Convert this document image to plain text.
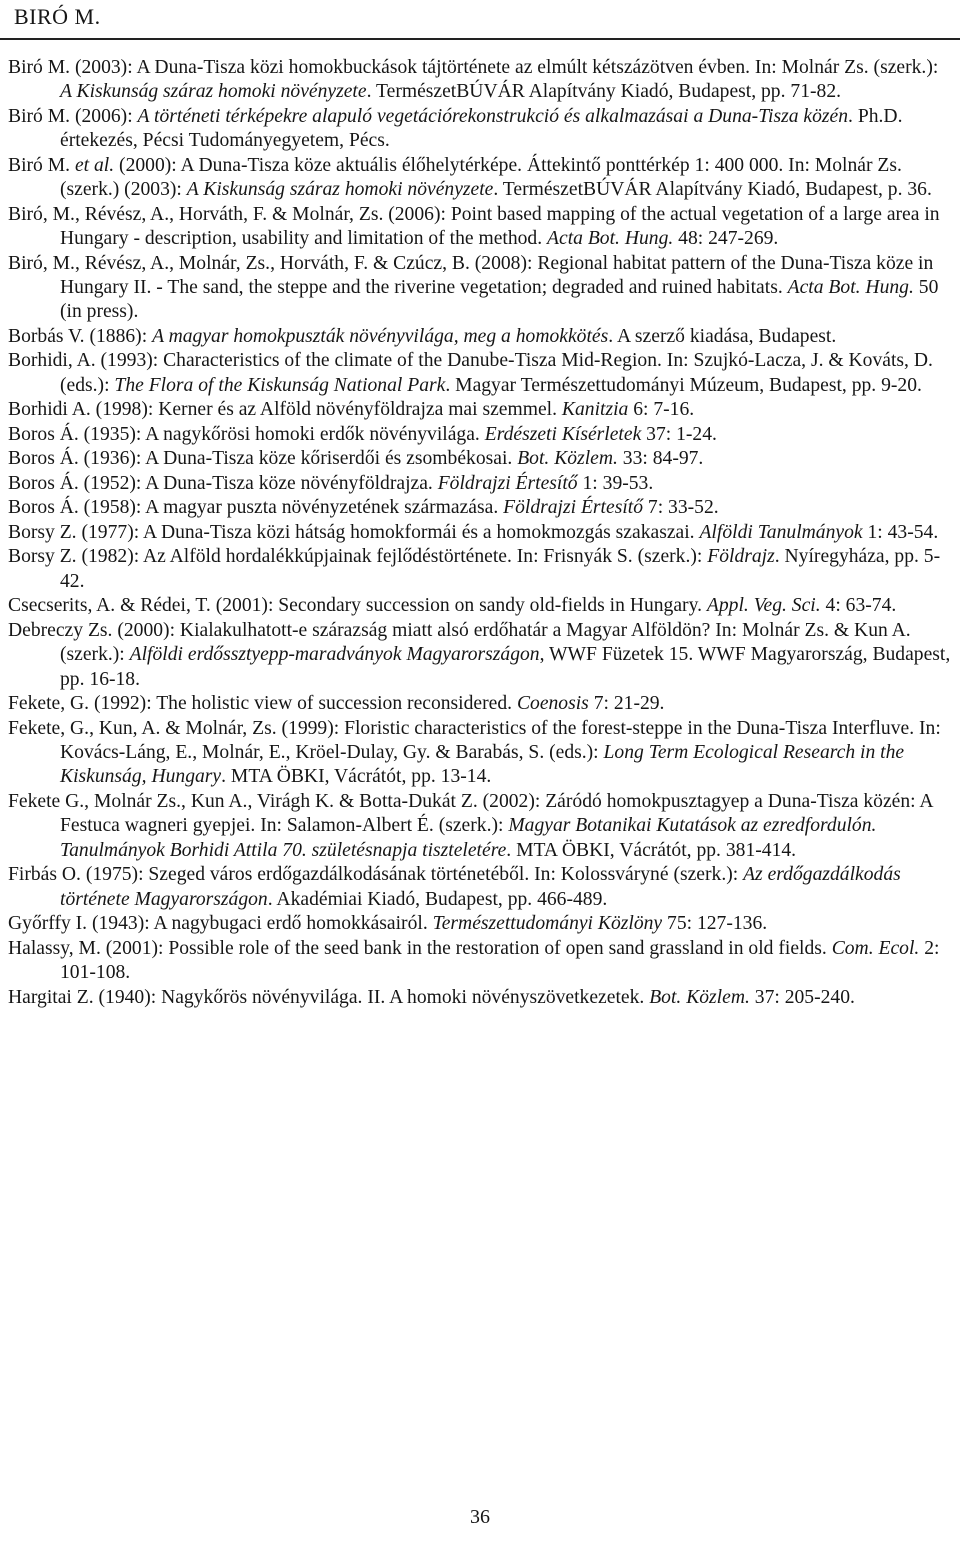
BIRÓ M.

Biró M. (2003): A Duna-Tisza közi homokbuckások tájtörténete az elmúlt kétszázötven évben. In: Molnár Zs. (szerk.): A Kiskunság száraz homoki növényzete. TermészetBÚVÁR Alapítvány Kiadó, Budapest, pp. 71-82.

Biró M. (2006): A történeti térképekre alapuló vegetációrekonstrukció és alkalmazásai a Duna-Tisza közén. Ph.D. értekezés, Pécsi Tudományegyetem, Pécs.

Biró M. et al. (2000): A Duna-Tisza köze aktuális élőhelytérképe. Áttekintő ponttérkép 1: 400 000. In: Molnár Zs. (szerk.) (2003): A Kiskunság száraz homoki növényzete. TermészetBÚVÁR Alapítvány Kiadó, Budapest, p. 36.

Biró, M., Révész, A., Horváth, F. & Molnár, Zs. (2006): Point based mapping of the actual vegetation of a large area in Hungary - description, usability and limitation of the method. Acta Bot. Hung. 48: 247-269.

Biró, M., Révész, A., Molnár, Zs., Horváth, F. & Czúcz, B. (2008): Regional habitat pattern of the Duna-Tisza köze in Hungary II. - The sand, the steppe and the riverine vegetation; degraded and ruined habitats. Acta Bot. Hung. 50 (in press).

Borbás V. (1886): A magyar homokpuszták növényvilága, meg a homokkötés. A szerző kiadása, Budapest.

Borhidi, A. (1993): Characteristics of the climate of the Danube-Tisza Mid-Region. In: Szujkó-Lacza, J. & Kováts, D. (eds.): The Flora of the Kiskunság National Park. Magyar Természettudományi Múzeum, Budapest, pp. 9-20.

Borhidi A. (1998): Kerner és az Alföld növényföldrajza mai szemmel. Kanitzia 6: 7-16.

Boros Á. (1935): A nagykőrösi homoki erdők növényvilága. Erdészeti Kísérletek 37: 1-24.

Boros Á. (1936): A Duna-Tisza köze kőriserdői és zsombékosai. Bot. Közlem. 33: 84-97.

Boros Á. (1952): A Duna-Tisza köze növényföldrajza. Földrajzi Értesítő 1: 39-53.

Boros Á. (1958): A magyar puszta növényzetének származása. Földrajzi Értesítő 7: 33-52.

Borsy Z. (1977): A Duna-Tisza közi hátság homokformái és a homokmozgás szakaszai. Alföldi Tanulmányok 1: 43-54.

Borsy Z. (1982): Az Alföld hordalékkúpjainak fejlődéstörténete. In: Frisnyák S. (szerk.): Földrajz. Nyíregyháza, pp. 5-42.

Csecserits, A. & Rédei, T. (2001): Secondary succession on sandy old-fields in Hungary. Appl. Veg. Sci. 4: 63-74.

Debreczy Zs. (2000): Kialakulhatott-e szárazság miatt alsó erdőhatár a Magyar Alföldön? In: Molnár Zs. & Kun A. (szerk.): Alföldi erdőssztyepp-maradványok Magyarországon, WWF Füzetek 15. WWF Magyarország, Budapest, pp. 16-18.

Fekete, G. (1992): The holistic view of succession reconsidered. Coenosis 7: 21-29.

Fekete, G., Kun, A. & Molnár, Zs. (1999): Floristic characteristics of the forest-steppe in the Duna-Tisza Interfluve. In: Kovács-Láng, E., Molnár, E., Kröel-Dulay, Gy. & Barabás, S. (eds.): Long Term Ecological Research in the Kiskunság, Hungary. MTA ÖBKI, Vácrátót, pp. 13-14.

Fekete G., Molnár Zs., Kun A., Virágh K. & Botta-Dukát Z. (2002): Záródó homokpusztagyep a Duna-Tisza közén: A Festuca wagneri gyepjei. In: Salamon-Albert É. (szerk.): Magyar Botanikai Kutatások az ezredfordulón. Tanulmányok Borhidi Attila 70. születésnapja tiszteletére. MTA ÖBKI, Vácrátót, pp. 381-414.

Firbás O. (1975): Szeged város erdőgazdálkodásának történetéből. In: Kolossváryné (szerk.): Az erdőgazdálkodás története Magyarországon. Akadémiai Kiadó, Budapest, pp. 466-489.

Győrffy I. (1943): A nagybugaci erdő homokkásairól. Természettudományi Közlöny 75: 127-136.

Halassy, M. (2001): Possible role of the seed bank in the restoration of open sand grassland in old fields. Com. Ecol. 2: 101-108.

Hargitai Z. (1940): Nagykőrös növényvilága. II. A homoki növényszövetkezetek. Bot. Közlem. 37: 205-240.

36
